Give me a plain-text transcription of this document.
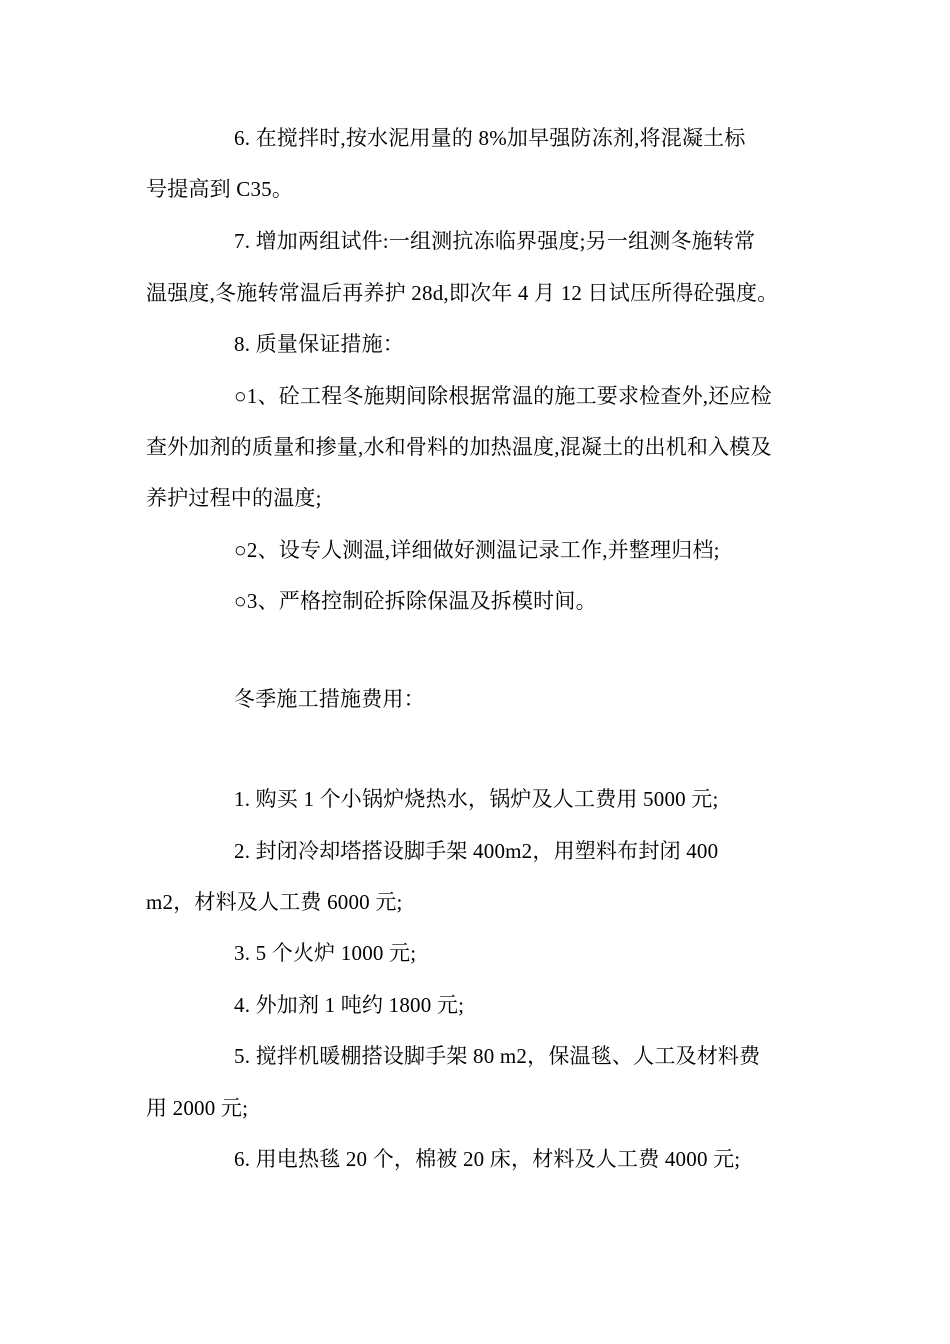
6. 在搅拌时,按水泥用量的 8%加早强防冻剂,将混凝土标
号提高到 C35。
7. 增加两组试件:一组测抗冻临界强度;另一组测冬施转常
温强度,冬施转常温后再养护 28d,即次年 4 月 12 日试压所得砼强度。
8. 质量保证措施：
○1、砼工程冬施期间除根据常温的施工要求检查外,还应检
查外加剂的质量和掺量,水和骨料的加热温度,混凝土的出机和入模及
养护过程中的温度;
○2、设专人测温,详细做好测温记录工作,并整理归档;
○3、严格控制砼拆除保温及拆模时间。
冬季施工措施费用：
1. 购买 1 个小锅炉烧热水，锅炉及人工费用 5000 元;
2. 封闭冷却塔搭设脚手架 400m2，用塑料布封闭 400
m2，材料及人工费 6000 元;
3. 5 个火炉 1000 元;
4. 外加剂 1 吨约 1800 元;
5. 搅拌机暖棚搭设脚手架 80 m2，保温毯、人工及材料费
用 2000 元;
6. 用电热毯 20 个，棉被 20 床，材料及人工费 4000 元;
